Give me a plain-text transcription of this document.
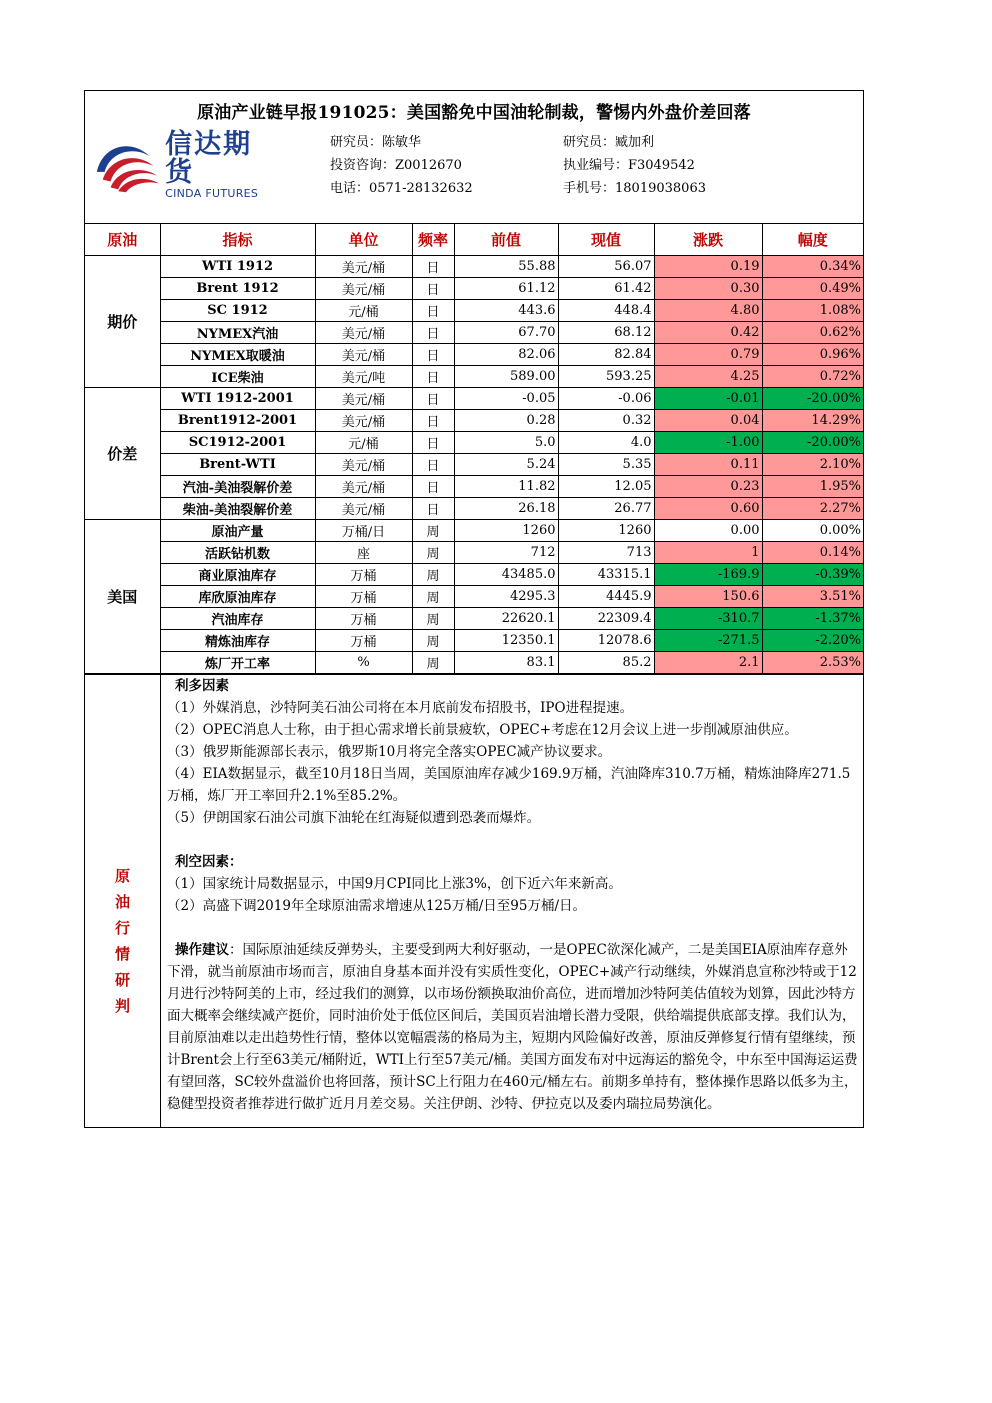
原油产业链早报191025：美国豁免中国油轮制裁，警惕内外盘价差回落
信达期货
CINDA FUTURES
研究员：陈敏华
投资咨询：Z0012670
电话：0571-28132632
研究员：臧加利
执业编号：F3049542
手机号：18019038063
原油	指标	单位	频率	前值	现值	涨跌	幅度
期价	WTI 1912	美元/桶	日	55.88	56.07	0.19	0.34%
	Brent 1912	美元/桶	日	61.12	61.42	0.30	0.49%
	SC 1912	元/桶	日	443.6	448.4	4.80	1.08%
	NYMEX汽油	美元/桶	日	67.70	68.12	0.42	0.62%
	NYMEX取暖油	美元/桶	日	82.06	82.84	0.79	0.96%
	ICE柴油	美元/吨	日	589.00	593.25	4.25	0.72%
价差	WTI 1912-2001	美元/桶	日	-0.05	-0.06	-0.01	-20.00%
	Brent1912-2001	美元/桶	日	0.28	0.32	0.04	14.29%
	SC1912-2001	元/桶	日	5.0	4.0	-1.00	-20.00%
	Brent-WTI	美元/桶	日	5.24	5.35	0.11	2.10%
	汽油-美油裂解价差	美元/桶	日	11.82	12.05	0.23	1.95%
	柴油-美油裂解价差	美元/桶	日	26.18	26.77	0.60	2.27%
美国	原油产量	万桶/日	周	1260	1260	0.00	0.00%
	活跃钻机数	座	周	712	713	1	0.14%
	商业原油库存	万桶	周	43485.0	43315.1	-169.9	-0.39%
	库欣原油库存	万桶	周	4295.3	4445.9	150.6	3.51%
	汽油库存	万桶	周	22620.1	22309.4	-310.7	-1.37%
	精炼油库存	万桶	周	12350.1	12078.6	-271.5	-2.20%
	炼厂开工率	%	周	83.1	85.2	2.1	2.53%
原油行情研判

利多因素

（1）外媒消息，沙特阿美石油公司将在本月底前发布招股书，IPO进程提速。

（2）OPEC消息人士称，由于担心需求增长前景疲软，OPEC+考虑在12月会议上进一步削减原油供应。

（3）俄罗斯能源部长表示，俄罗斯10月将完全落实OPEC减产协议要求。

（4）EIA数据显示，截至10月18日当周，美国原油库存减少169.9万桶，汽油降库310.7万桶，精炼油降库271.5万桶，炼厂开工率回升2.1%至85.2%。

（5）伊朗国家石油公司旗下油轮在红海疑似遭到恐袭而爆炸。

利空因素：

（1）国家统计局数据显示，中国9月CPI同比上涨3%，创下近六年来新高。

（2）高盛下调2019年全球原油需求增速从125万桶/日至95万桶/日。

操作建议：国际原油延续反弹势头，主要受到两大利好驱动，一是OPEC欲深化减产，二是美国EIA原油库存意外下滑，就当前原油市场而言，原油自身基本面并没有实质性变化，OPEC+减产行动继续，外媒消息宣称沙特或于12月进行沙特阿美的上市，经过我们的测算，以市场份额换取油价高位，进而增加沙特阿美估值较为划算，因此沙特方面大概率会继续减产挺价，同时油价处于低位区间后，美国页岩油增长潜力受限，供给端提供底部支撑。我们认为，目前原油难以走出趋势性行情，整体以宽幅震荡的格局为主，短期内风险偏好改善，原油反弹修复行情有望继续，预计Brent会上行至63美元/桶附近，WTI上行至57美元/桶。美国方面发布对中远海运的豁免令，中东至中国海运运费有望回落，SC较外盘溢价也将回落，预计SC上行阻力在460元/桶左右。前期多单持有，整体操作思路以低多为主，稳健型投资者推荐进行做扩近月月差交易。关注伊朗、沙特、伊拉克以及委内瑞拉局势演化。
